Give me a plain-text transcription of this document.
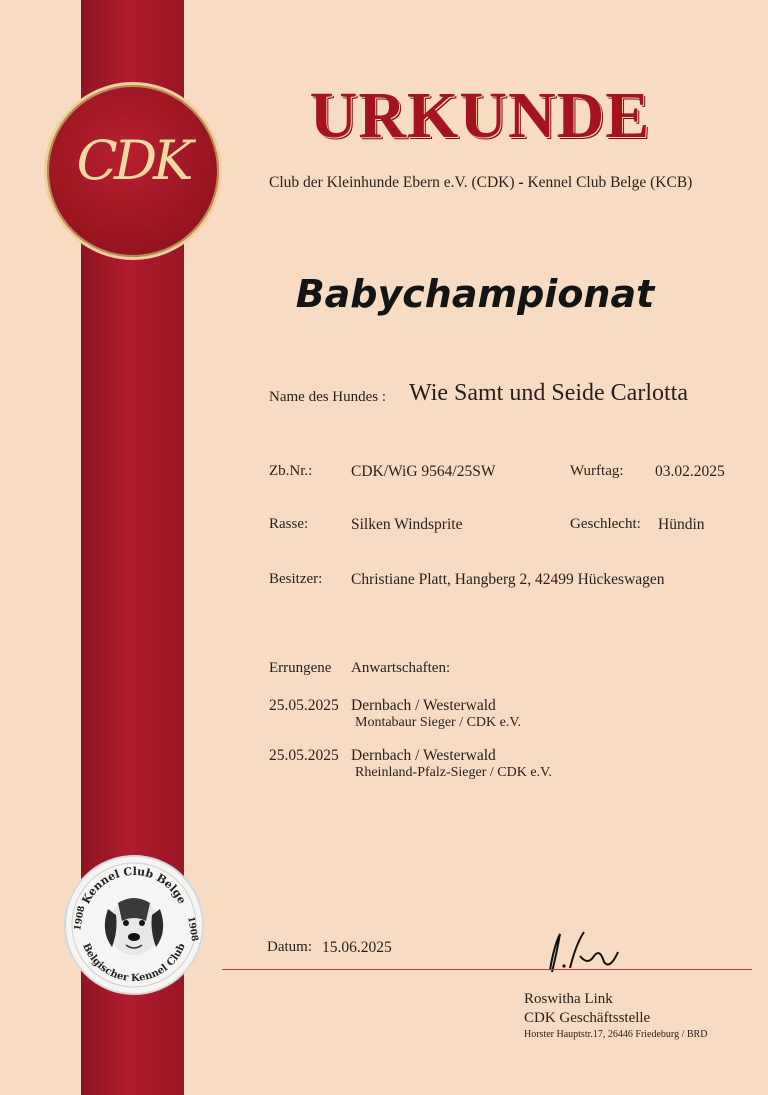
CDK
URKUNDE
Club der Kleinhunde Ebern e.V. (CDK) - Kennel Club Belge (KCB)
Babychampionat
Name des Hundes : Wie Samt und Seide Carlotta
Zb.Nr.: CDK/WiG 9564/25SW	Wurftag: 03.02.2025
Rasse:	Silken Windsprite	Geschlecht: Hündin
Besitzer: Christiane Platt, Hangberg 2, 42499 Hückeswagen
Errungene Anwartschaften:
25.05.2025 Dernbach / Westerwald
Montabaur Sieger / CDK e.V.
25.05.2025 Dernbach / Westerwald
Rheinland-Pfalz-Sieger / CDK e.V.
Kennel Club Belge
Belgischer Kennel Club
1908	1908
Datum: 15.06.2025
Roswitha Link
CDK Geschäftsstelle
Horster Hauptstr.17, 26446 Friedeburg / BRD
